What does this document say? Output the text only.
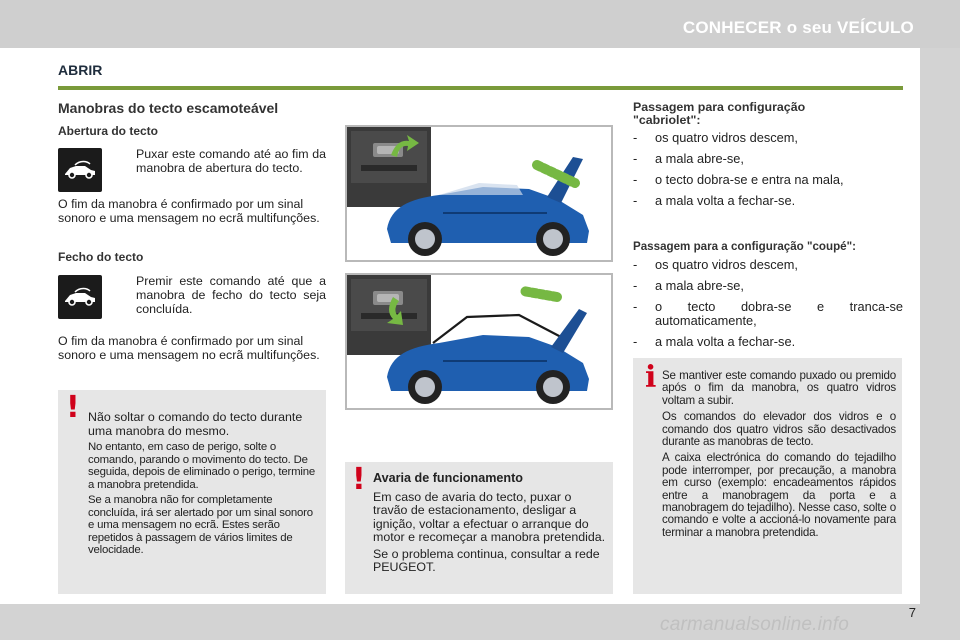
CONHECER o seu VEÍCULO
ABRIR
Manobras do tecto escamoteável
Abertura do tecto
Puxar este comando até ao fim da manobra de abertura do tecto.
O fim da manobra é confirmado por um sinal sonoro e uma mensagem no ecrã multifunções.
Fecho do tecto
Premir este comando até que a manobra de fecho do tecto seja concluída.
O fim da manobra é confirmado por um sinal sonoro e uma mensagem no ecrã multifunções.
! Não soltar o comando do tecto durante uma manobra do mesmo.

No entanto, em caso de perigo, solte o comando, parando o movimento do tecto. De seguida, depois de eliminado o perigo, termine a manobra pretendida.

Se a manobra não for completamente concluída, irá ser alertado por um sinal sonoro e uma mensagem no ecrã. Estes serão repetidos à passagem de vários limites de velocidade.

! Avaria de funcionamento

Em caso de avaria do tecto, puxar o travão de estacionamento, desligar a ignição, voltar a efectuar o arranque do motor e recomeçar a manobra pretendida.

Se o problema continua, consultar a rede PEUGEOT.

Passagem para configuração "cabriolet":
- os quatro vidros descem,
- a mala abre-se,
- o tecto dobra-se e entra na mala,
- a mala volta a fechar-se.
Passagem para a configuração "coupé":
- os quatro vidros descem,
- a mala abre-se,
- o tecto dobra-se e tranca-se automaticamente,
- a mala volta a fechar-se.
i Se mantiver este comando puxado ou premido após o fim da manobra, os quatro vidros voltam a subir.

Os comandos do elevador dos vidros e o comando dos quatro vidros são desactivados durante as manobras de tecto.

A caixa electrónica do comando do tejadilho pode interromper, por precaução, a manobra em curso (exemplo: encadeamentos rápidos entre a manobragem da porta e a manobragem do tejadilho). Nesse caso, solte o comando e volte a accioná-lo novamente para terminar a manobra pretendida.

7
carmanualsonline.info
